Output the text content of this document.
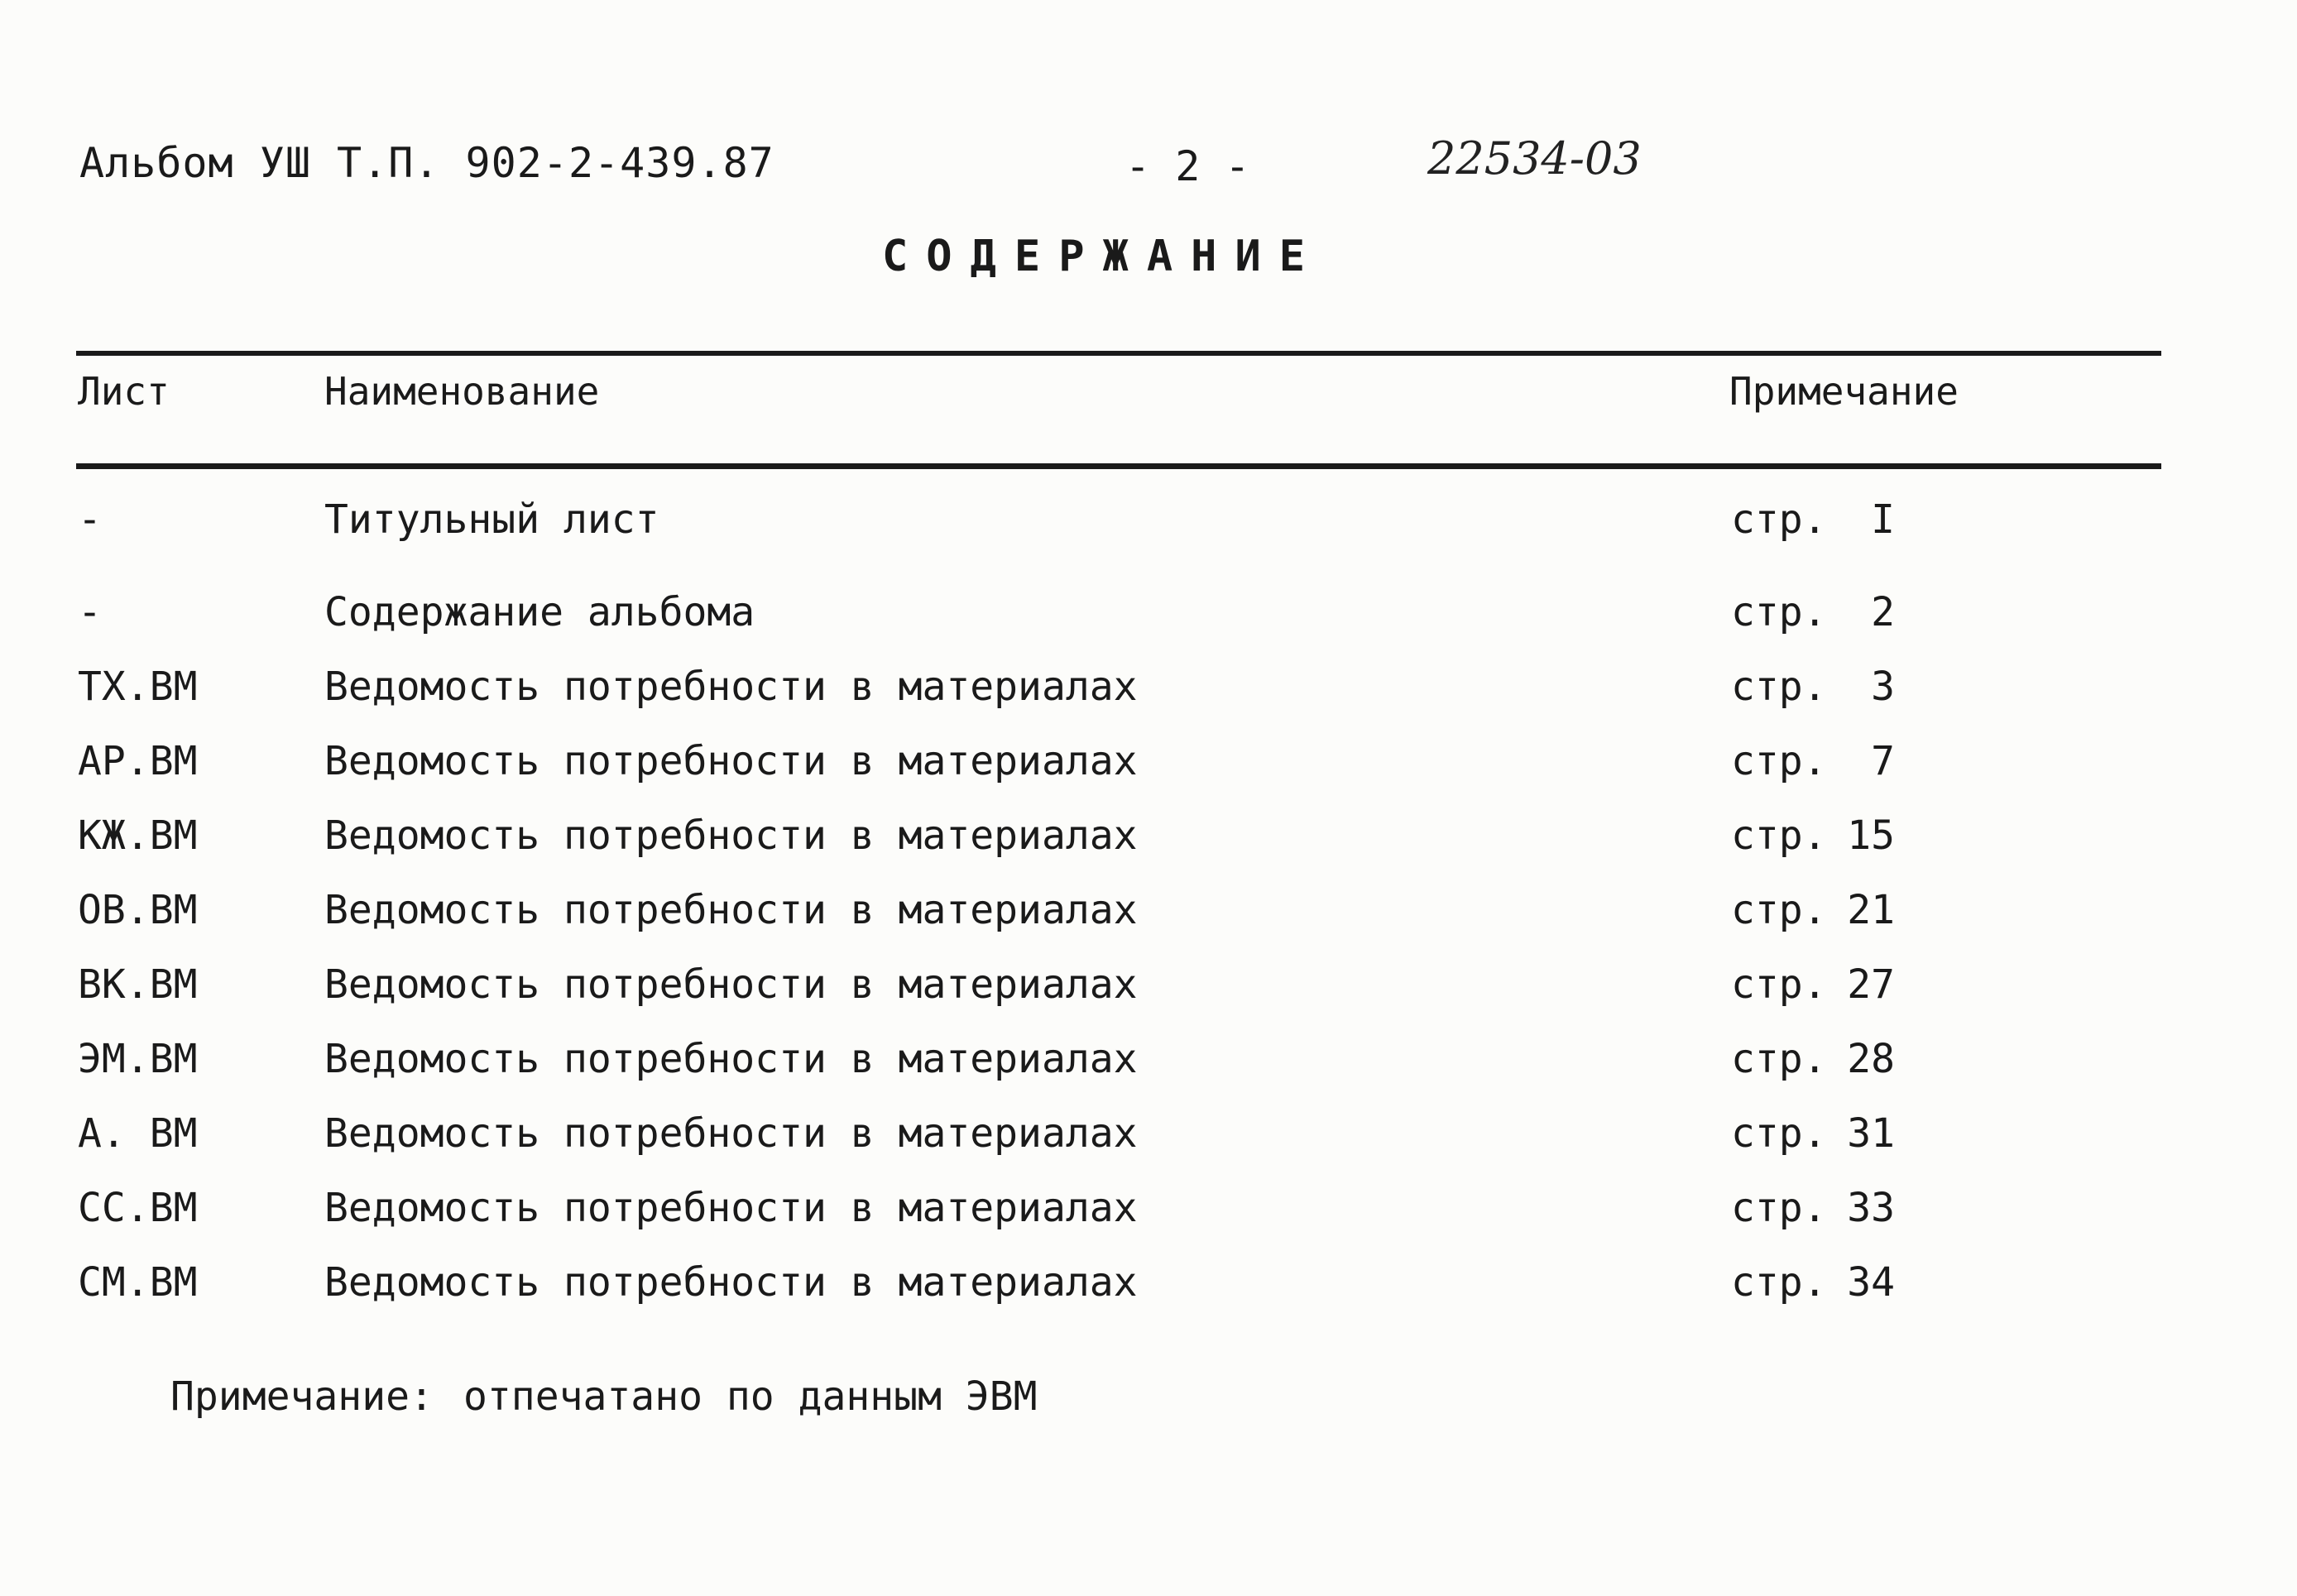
Альбом УШ Т.П. 902-2-439.87	- 2 -	22534-03
СОДЕРЖАНИЕ
Лист	Наименование	Примечание
-	Титульный лист	стр.	I
-	Содержание альбома	стр.	2
ТХ.ВМ	Ведомость потребности в материалах	стр.	3
АР.ВМ	Ведомость потребности в материалах	стр.	7
КЖ.ВМ	Ведомость потребности в материалах	стр. 15
ОВ.ВМ	Ведомость потребности в материалах	стр. 21
ВК.ВМ	Ведомость потребности в материалах	стр. 27
ЭМ.ВМ	Ведомость потребности в материалах	стр. 28
А. ВМ	Ведомость потребности в материалах	стр. 31
СС.ВМ	Ведомость потребности в материалах	стр. 33
СМ.ВМ	Ведомость потребности в материалах	стр. 34
Примечание: отпечатано по данным ЭВМ
